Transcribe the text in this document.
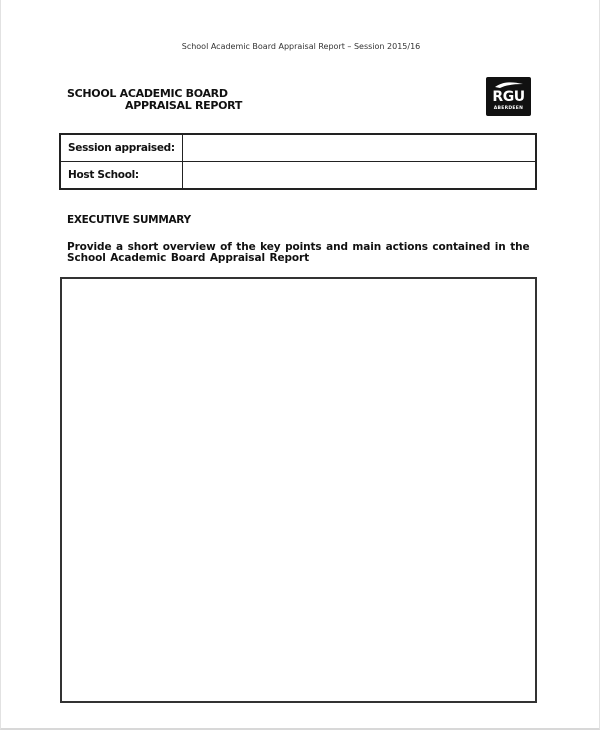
School Academic Board Appraisal Report – Session 2015/16
SCHOOL ACADEMIC BOARD
APPRAISAL REPORT
RGU
ABERDEEN
Session appraised:	
Host School:	
EXECUTIVE SUMMARY
Provide a short overview of the key points and main actions contained in the School Academic Board Appraisal Report
